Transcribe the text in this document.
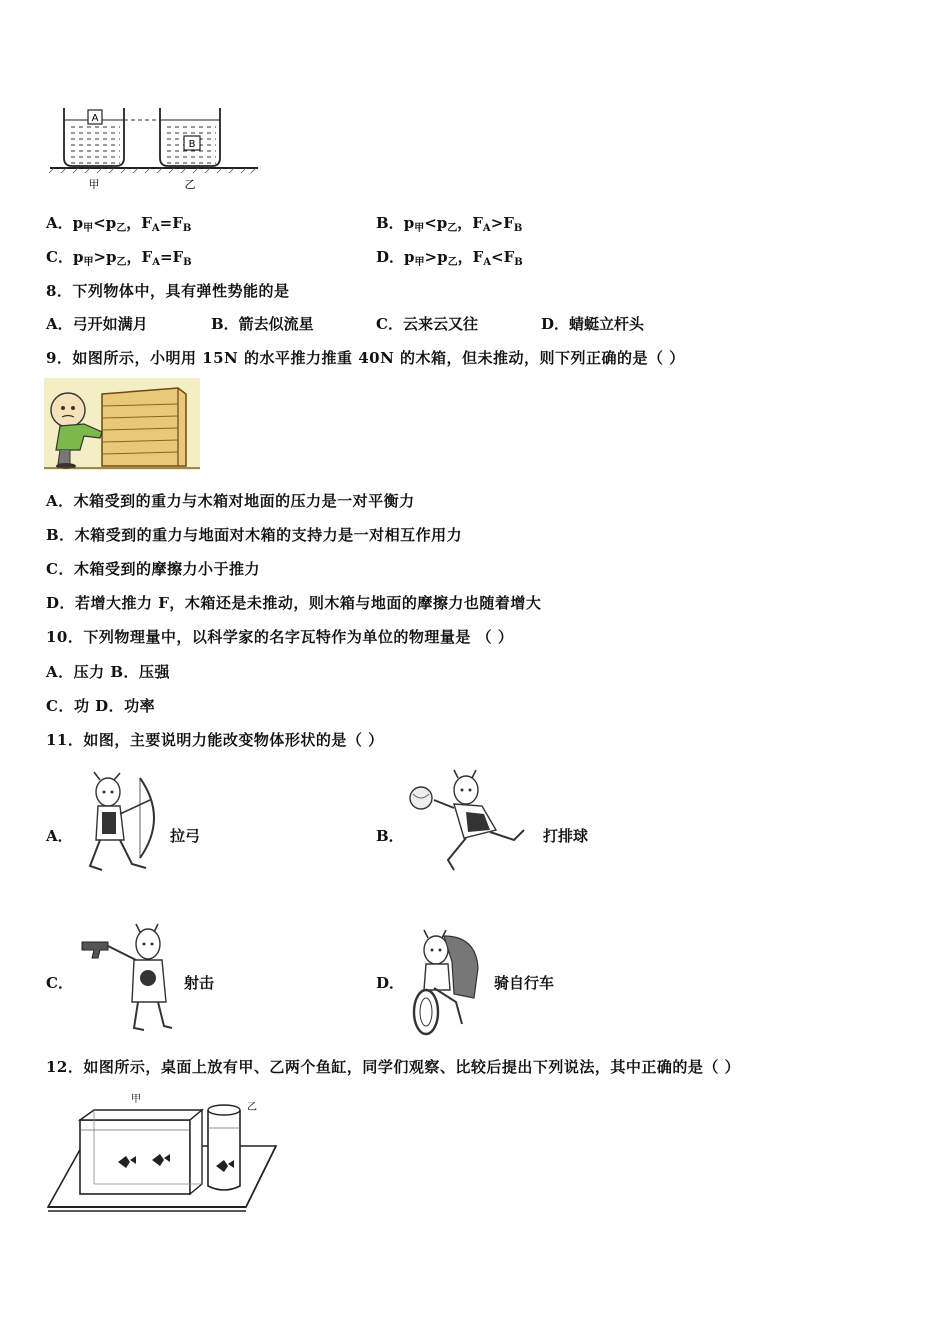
A
B
甲	乙
A．$p_甲<p_乙$，$F_A=F_B$	B．$p_甲<p_乙$，$F_A>F_B$
C．$p_甲>p_乙$，$F_A=F_B$	D．$p_甲>p_乙$，$F_A<F_B$
8．下列物体中，具有弹性势能的是
A．弓开如满月	B．箭去似流星	C．云来云又往	D．蜻蜓立杆头
9．如图所示，小明用 15N 的水平推力推重 40N 的木箱，但未推动，则下列正确的是（ ）
A．木箱受到的重力与木箱对地面的压力是一对平衡力
B．木箱受到的重力与地面对木箱的支持力是一对相互作用力
C．木箱受到的摩擦力小于推力
D．若增大推力 F，木箱还是未推动，则木箱与地面的摩擦力也随着增大
10．下列物理量中，以科学家的名字瓦特作为单位的物理量是 （ ）
A．压力 B．压强
C．功 D．功率
11．如图，主要说明力能改变物体形状的是（ ）
A．	拉弓	B．	打排球
C．	射击	D．	骑自行车
12．如图所示，桌面上放有甲、乙两个鱼缸，同学们观察、比较后提出下列说法，其中正确的是（ ）
甲
乙
